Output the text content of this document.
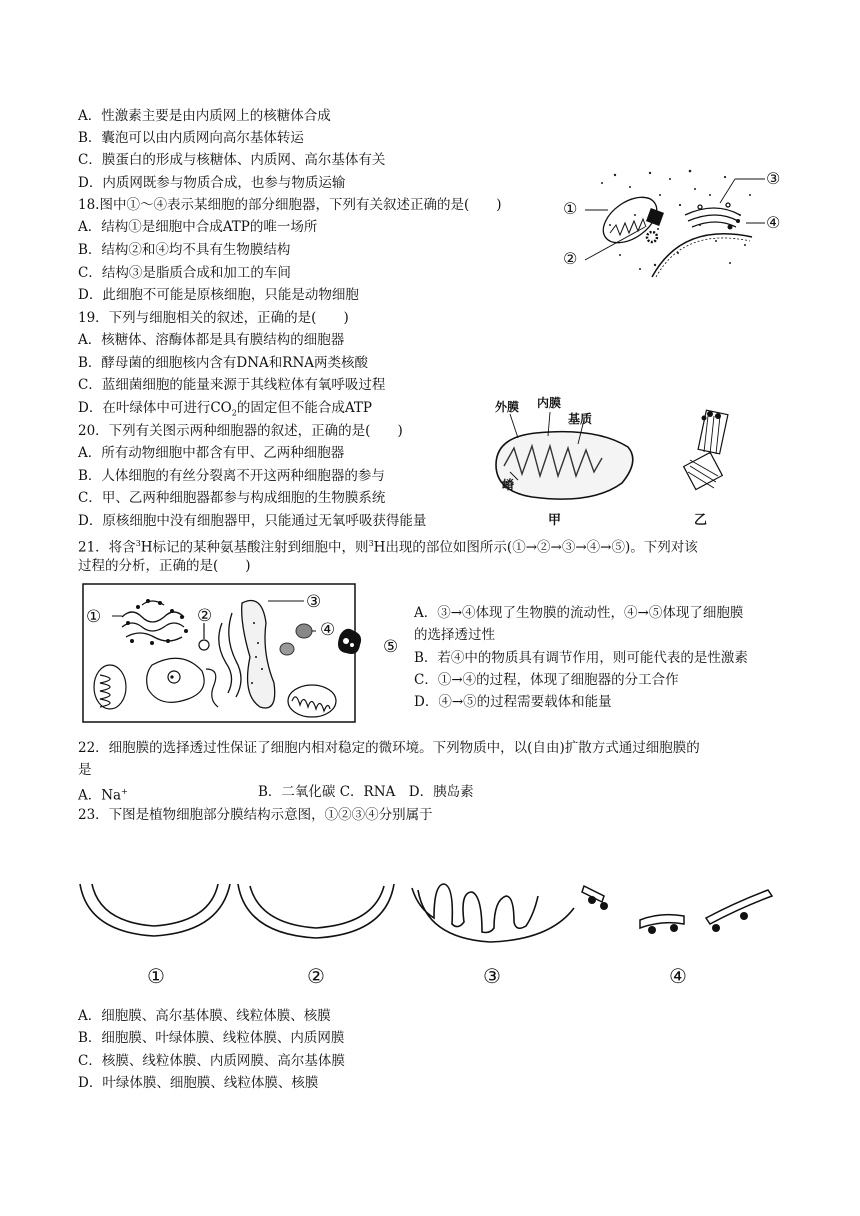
A．性激素主要是由内质网上的核糖体合成
B．囊泡可以由内质网向高尔基体转运
C．膜蛋白的形成与核糖体、内质网、高尔基体有关
D．内质网既参与物质合成，也参与物质运输
18.图中①～④表示某细胞的部分细胞器，下列有关叙述正确的是(　　)
A．结构①是细胞中合成ATP的唯一场所
B．结构②和④均不具有生物膜结构
C．结构③是脂质合成和加工的车间
D．此细胞不可能是原核细胞，只能是动物细胞
①
②
③
④
19．下列与细胞相关的叙述，正确的是(　　)
A．核糖体、溶酶体都是具有膜结构的细胞器
B．酵母菌的细胞核内含有DNA和RNA两类核酸
C．蓝细菌细胞的能量来源于其线粒体有氧呼吸过程
D．在叶绿体中可进行$CO_2$的固定但不能合成ATP
20．下列有关图示两种细胞器的叙述，正确的是(　　)
A．所有动物细胞中都含有甲、乙两种细胞器
B．人体细胞的有丝分裂离不开这两种细胞器的参与
C．甲、乙两种细胞器都参与构成细胞的生物膜系统
D．原核细胞中没有细胞器甲，只能通过无氧呼吸获得能量
外膜 内膜
基质
嵴
甲	乙
21．将含$^3$H标记的某种氨基酸注射到细胞中，则$^3$H出现的部位如图所示(①→②→③→④→⑤)。下列对该
过程的分析，正确的是(　　)
①	②
③
④
⑤
A．③→④体现了生物膜的流动性，④→⑤体现了细胞膜
的选择透过性
B．若④中的物质具有调节作用，则可能代表的是性激素
C．①→④的过程，体现了细胞器的分工合作
D．④→⑤的过程需要载体和能量
22．细胞膜的选择透过性保证了细胞内相对稳定的微环境。下列物质中，以(自由)扩散方式通过细胞膜的
是
A．Na+	B．二氧化碳 C．RNA　D．胰岛素
23．下图是植物细胞部分膜结构示意图，①②③④分别属于
①	②	③	④
A．细胞膜、高尔基体膜、线粒体膜、核膜
B．细胞膜、叶绿体膜、线粒体膜、内质网膜
C．核膜、线粒体膜、内质网膜、高尔基体膜
D．叶绿体膜、细胞膜、线粒体膜、核膜
